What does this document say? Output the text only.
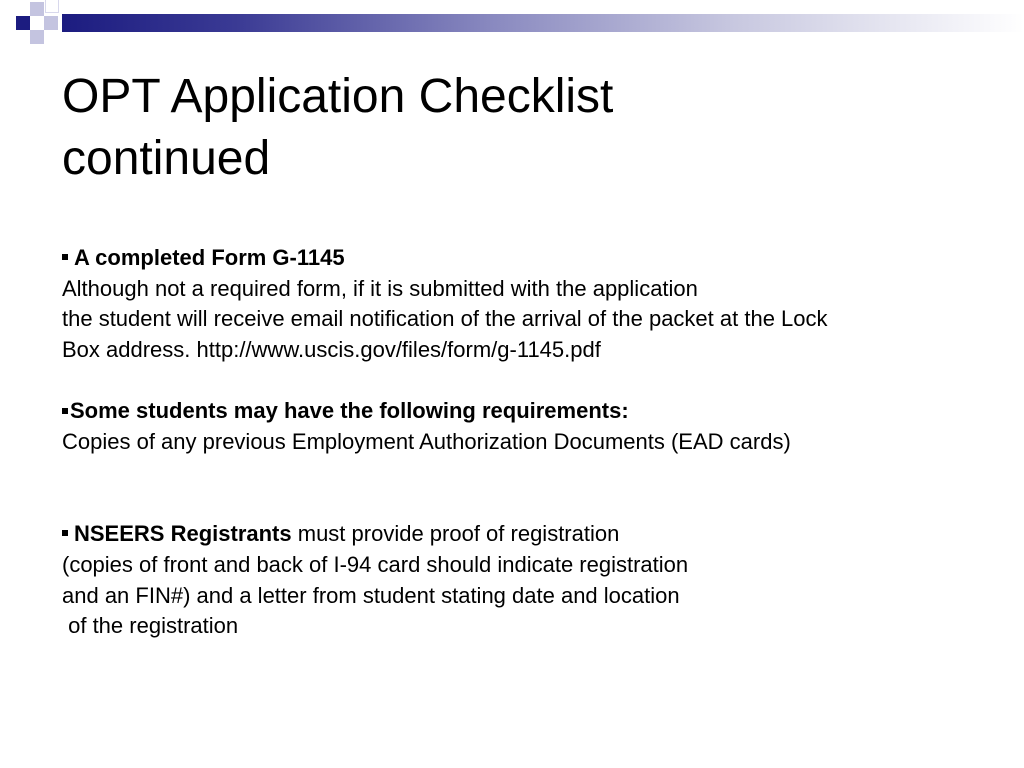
OPT Application Checklist
continued
A completed Form G-1145
Although not a required form, if it is submitted with the application
the student will receive email notification of the arrival of the packet at the Lock
Box address. http://www.uscis.gov/files/form/g-1145.pdf
Some students may have the following requirements:
Copies of any previous Employment Authorization Documents (EAD cards)
NSEERS Registrants must provide proof of registration
(copies of front and back of I-94 card should indicate registration
and an FIN#) and a letter from student stating date and location
of the registration
